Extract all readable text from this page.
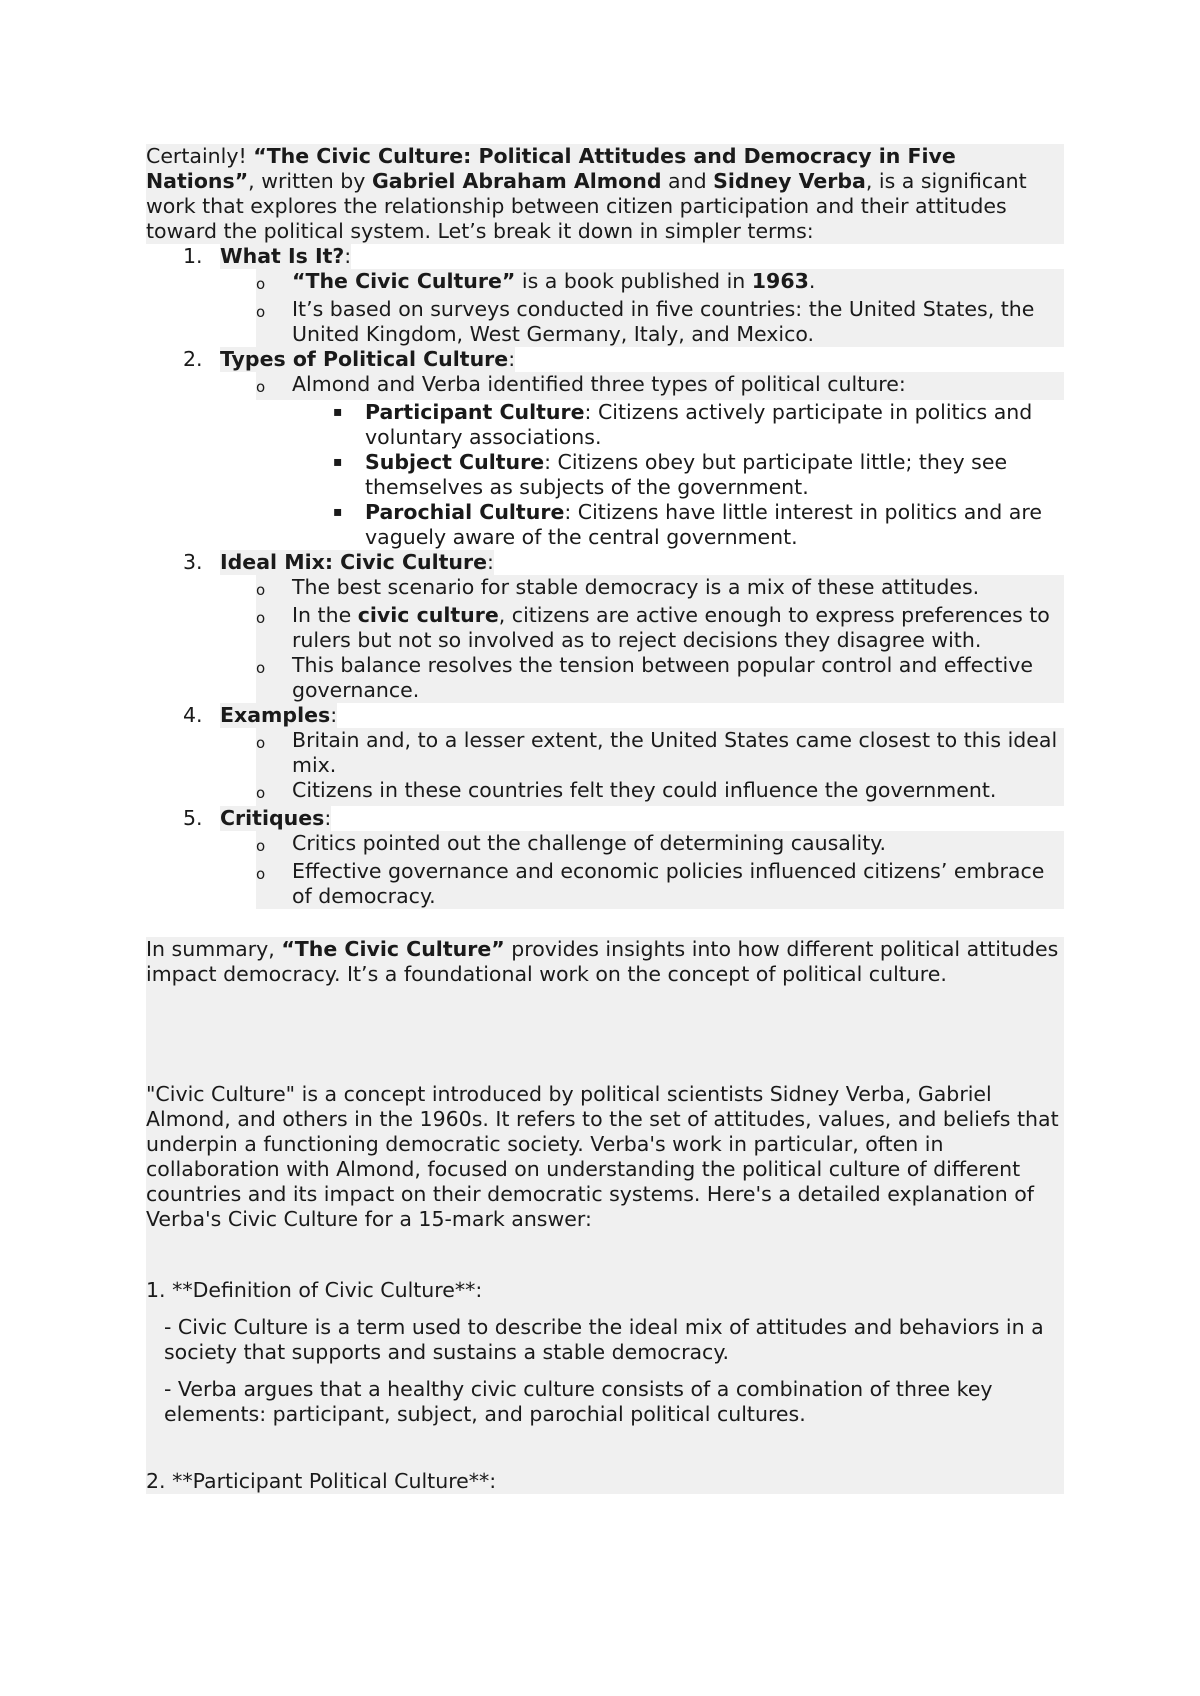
Certainly! “The Civic Culture: Political Attitudes and Democracy in Five Nations”, written by Gabriel Abraham Almond and Sidney Verba, is a significant work that explores the relationship between citizen participation and their attitudes toward the political system. Let’s break it down in simpler terms:

1. What Is It?:
o	“The Civic Culture” is a book published in 1963.
o	It’s based on surveys conducted in five countries: the United States, the United Kingdom, West Germany, Italy, and Mexico.
2. Types of Political Culture:
o	Almond and Verba identified three types of political culture:
▪	Participant Culture: Citizens actively participate in politics and voluntary associations.
▪	Subject Culture: Citizens obey but participate little; they see themselves as subjects of the government.
▪	Parochial Culture: Citizens have little interest in politics and are vaguely aware of the central government.
3. Ideal Mix: Civic Culture:
o	The best scenario for stable democracy is a mix of these attitudes.
o	In the civic culture, citizens are active enough to express preferences to rulers but not so involved as to reject decisions they disagree with.
o	This balance resolves the tension between popular control and effective governance.
4. Examples:
o	Britain and, to a lesser extent, the United States came closest to this ideal mix.
o	Citizens in these countries felt they could influence the government.
5. Critiques:
o	Critics pointed out the challenge of determining causality.
o	Effective governance and economic policies influenced citizens’ embrace of democracy.

In summary, “The Civic Culture” provides insights into how different political attitudes impact democracy. It’s a foundational work on the concept of political culture.

"Civic Culture" is a concept introduced by political scientists Sidney Verba, Gabriel Almond, and others in the 1960s. It refers to the set of attitudes, values, and beliefs that underpin a functioning democratic society. Verba's work in particular, often in collaboration with Almond, focused on understanding the political culture of different countries and its impact on their democratic systems. Here's a detailed explanation of Verba's Civic Culture for a 15-mark answer:

1. **Definition of Civic Culture**:

- Civic Culture is a term used to describe the ideal mix of attitudes and behaviors in a society that supports and sustains a stable democracy.

- Verba argues that a healthy civic culture consists of a combination of three key elements: participant, subject, and parochial political cultures.

2. **Participant Political Culture**:
